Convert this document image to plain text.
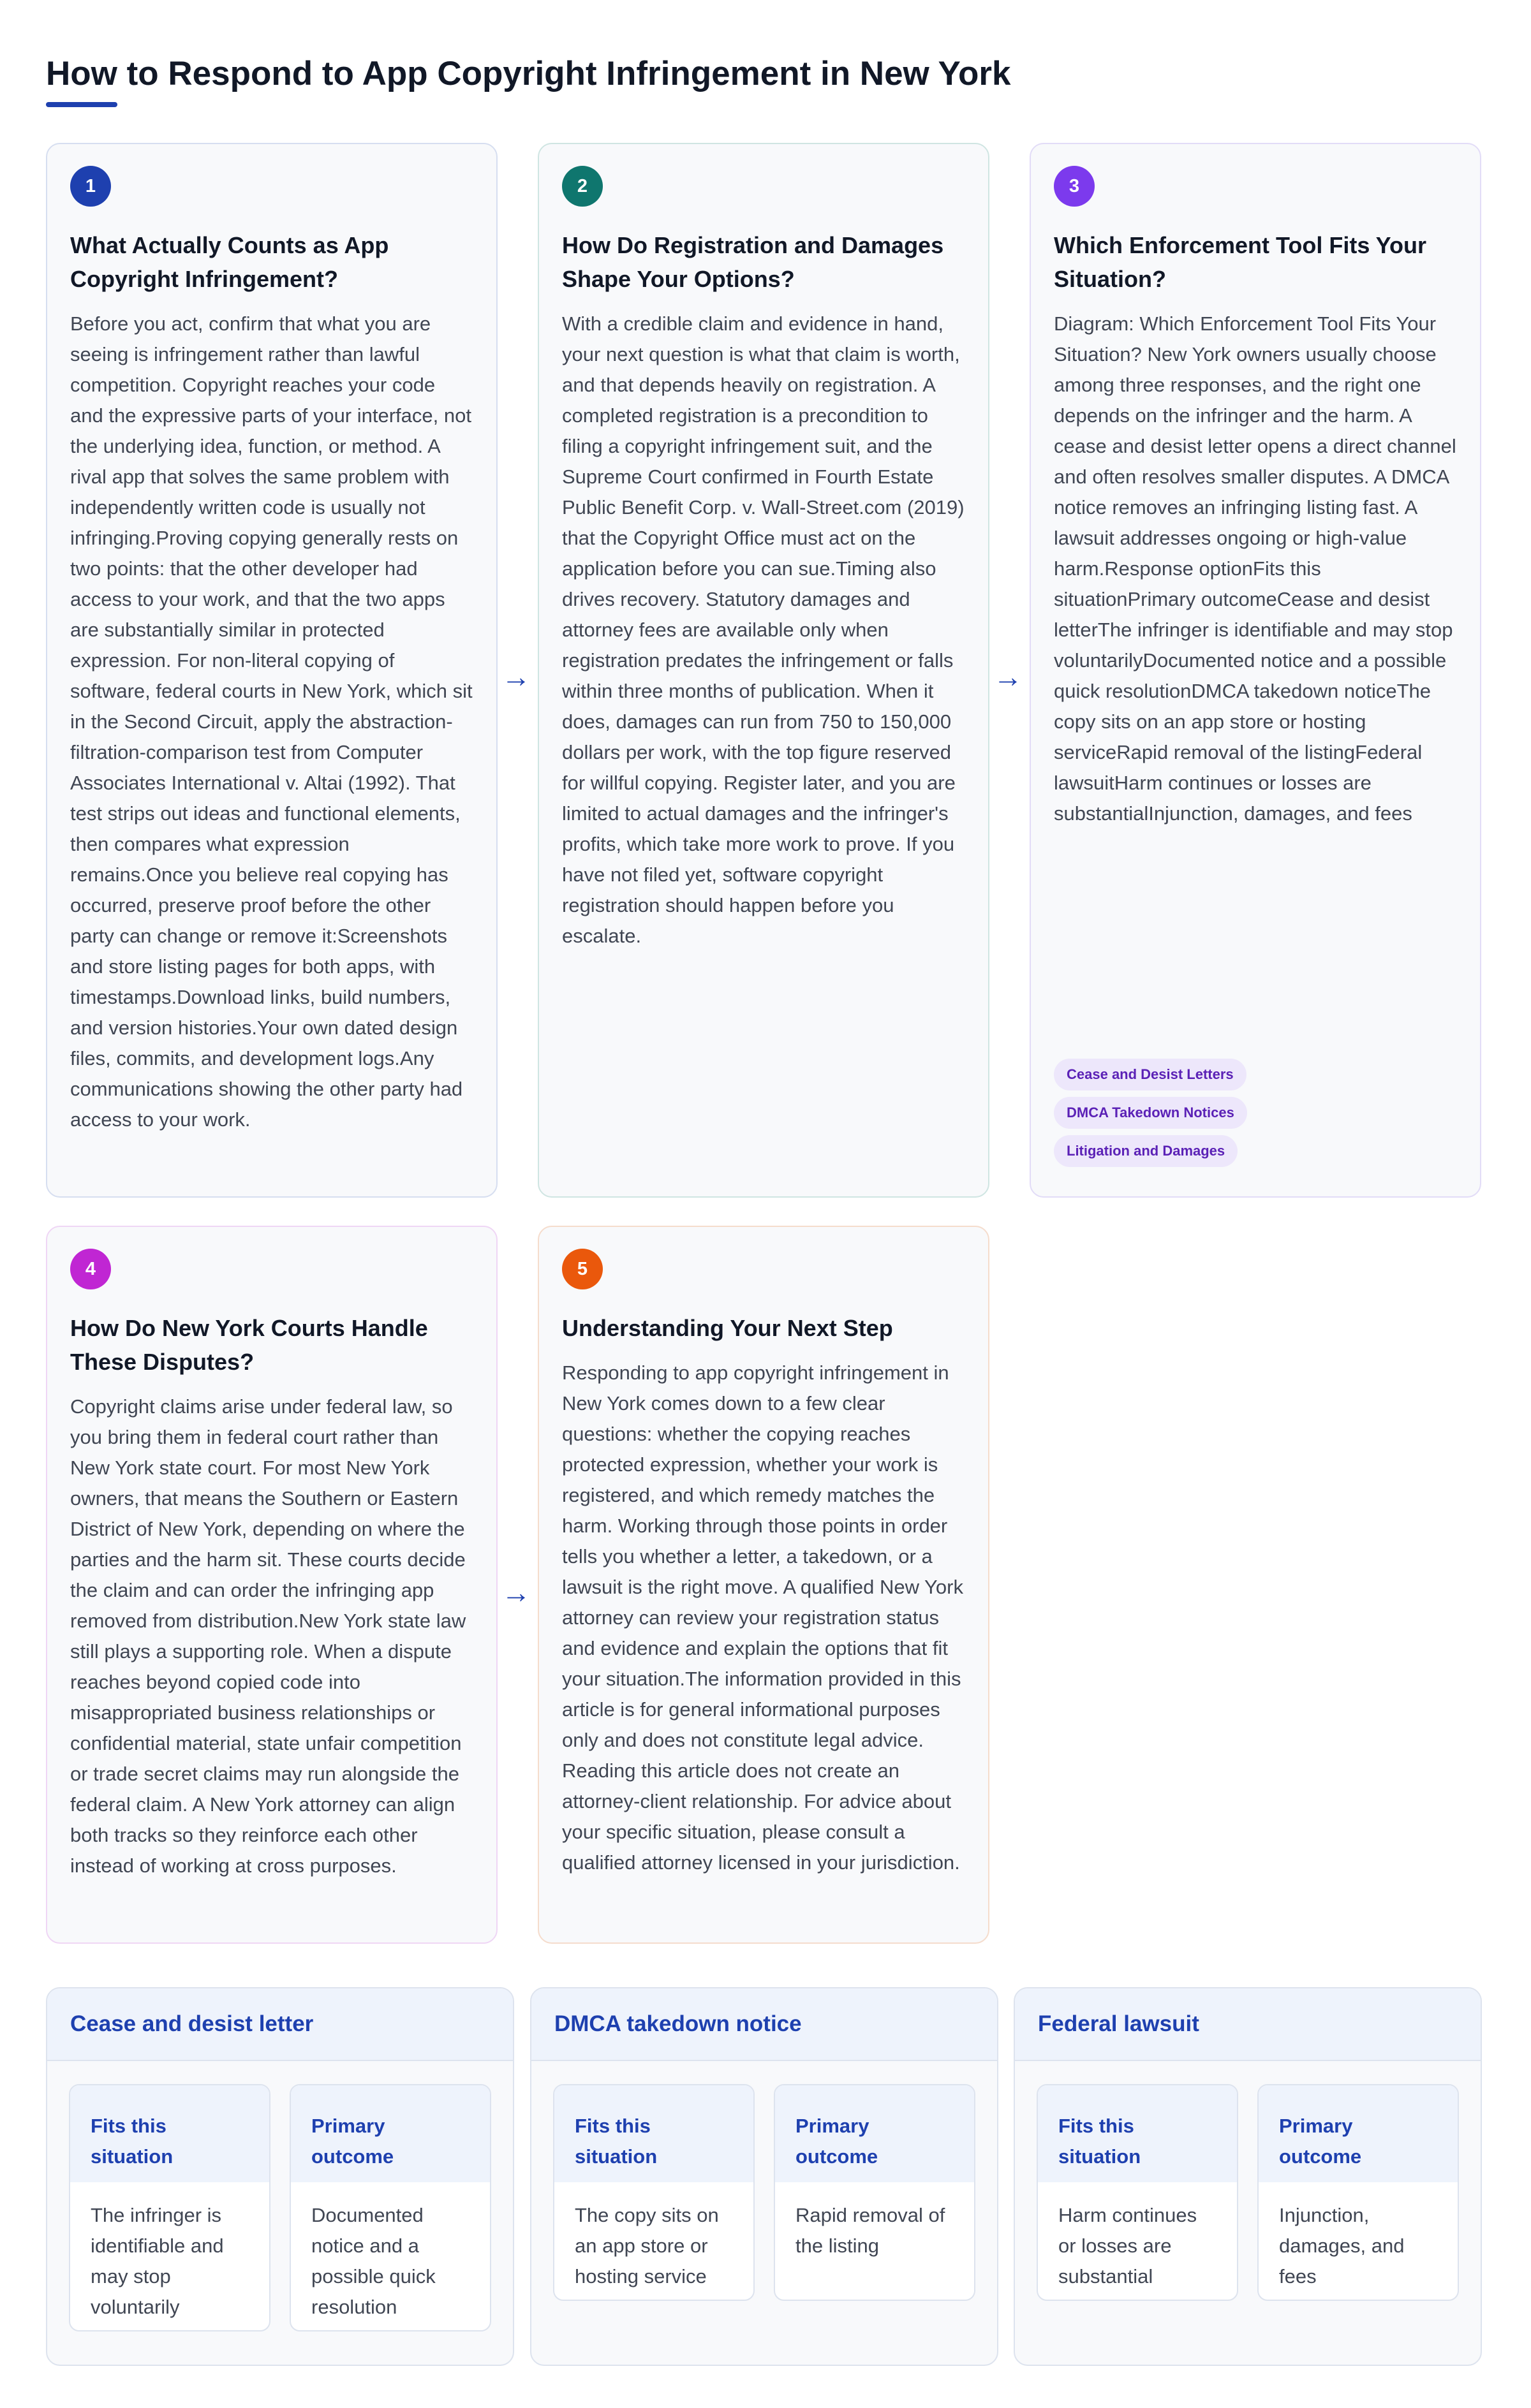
How to Respond to App Copyright Infringement in New York
1
What Actually Counts as App Copyright Infringement?

Before you act, confirm that what you are seeing is infringement rather than lawful competition. Copyright reaches your code and the expressive parts of your interface, not the underlying idea, function, or method. A rival app that solves the same problem with independently written code is usually not infringing.Proving copying generally rests on two points: that the other developer had access to your work, and that the two apps are substantially similar in protected expression. For non-literal copying of software, federal courts in New York, which sit in the Second Circuit, apply the abstraction-filtration-comparison test from Computer Associates International v. Altai (1992). That test strips out ideas and functional elements, then compares what expression remains.Once you believe real copying has occurred, preserve proof before the other party can change or remove it:Screenshots and store listing pages for both apps, with timestamps.Download links, build numbers, and version histories.Your own dated design files, commits, and development logs.Any communications showing the other party had access to your work.

2
How Do Registration and Damages Shape Your Options?

With a credible claim and evidence in hand, your next question is what that claim is worth, and that depends heavily on registration. A completed registration is a precondition to filing a copyright infringement suit, and the Supreme Court confirmed in Fourth Estate Public Benefit Corp. v. Wall-Street.com (2019) that the Copyright Office must act on the application before you can sue.Timing also drives recovery. Statutory damages and attorney fees are available only when registration predates the infringement or falls within three months of publication. When it does, damages can run from 750 to 150,000 dollars per work, with the top figure reserved for willful copying. Register later, and you are limited to actual damages and the infringer's profits, which take more work to prove. If you have not filed yet, software copyright registration should happen before you escalate.

3
Which Enforcement Tool Fits Your Situation?

Diagram: Which Enforcement Tool Fits Your Situation? New York owners usually choose among three responses, and the right one depends on the infringer and the harm. A cease and desist letter opens a direct channel and often resolves smaller disputes. A DMCA notice removes an infringing listing fast. A lawsuit addresses ongoing or high-value harm.Response optionFits this situationPrimary outcomeCease and desist letterThe infringer is identifiable and may stop voluntarilyDocumented notice and a possible quick resolutionDMCA takedown noticeThe copy sits on an app store or hosting serviceRapid removal of the listingFederal lawsuitHarm continues or losses are substantialInjunction, damages, and fees

Cease and Desist Letters
DMCA Takedown Notices
Litigation and Damages
4
How Do New York Courts Handle These Disputes?

Copyright claims arise under federal law, so you bring them in federal court rather than New York state court. For most New York owners, that means the Southern or Eastern District of New York, depending on where the parties and the harm sit. These courts decide the claim and can order the infringing app removed from distribution.New York state law still plays a supporting role. When a dispute reaches beyond copied code into misappropriated business relationships or confidential material, state unfair competition or trade secret claims may run alongside the federal claim. A New York attorney can align both tracks so they reinforce each other instead of working at cross purposes.

5
Understanding Your Next Step

Responding to app copyright infringement in New York comes down to a few clear questions: whether the copying reaches protected expression, whether your work is registered, and which remedy matches the harm. Working through those points in order tells you whether a letter, a takedown, or a lawsuit is the right move. A qualified New York attorney can review your registration status and evidence and explain the options that fit your situation.The information provided in this article is for general informational purposes only and does not constitute legal advice. Reading this article does not create an attorney-client relationship. For advice about your specific situation, please consult a qualified attorney licensed in your jurisdiction.

→	→
→
Cease and desist letter
Fits this situation
The infringer is identifiable and may stop voluntarily
Primary outcome
Documented notice and a possible quick resolution
DMCA takedown notice
Fits this situation
The copy sits on an app store or hosting service
Primary outcome
Rapid removal of the listing
Federal lawsuit
Fits this situation
Harm continues or losses are substantial
Primary outcome
Injunction, damages, and fees
